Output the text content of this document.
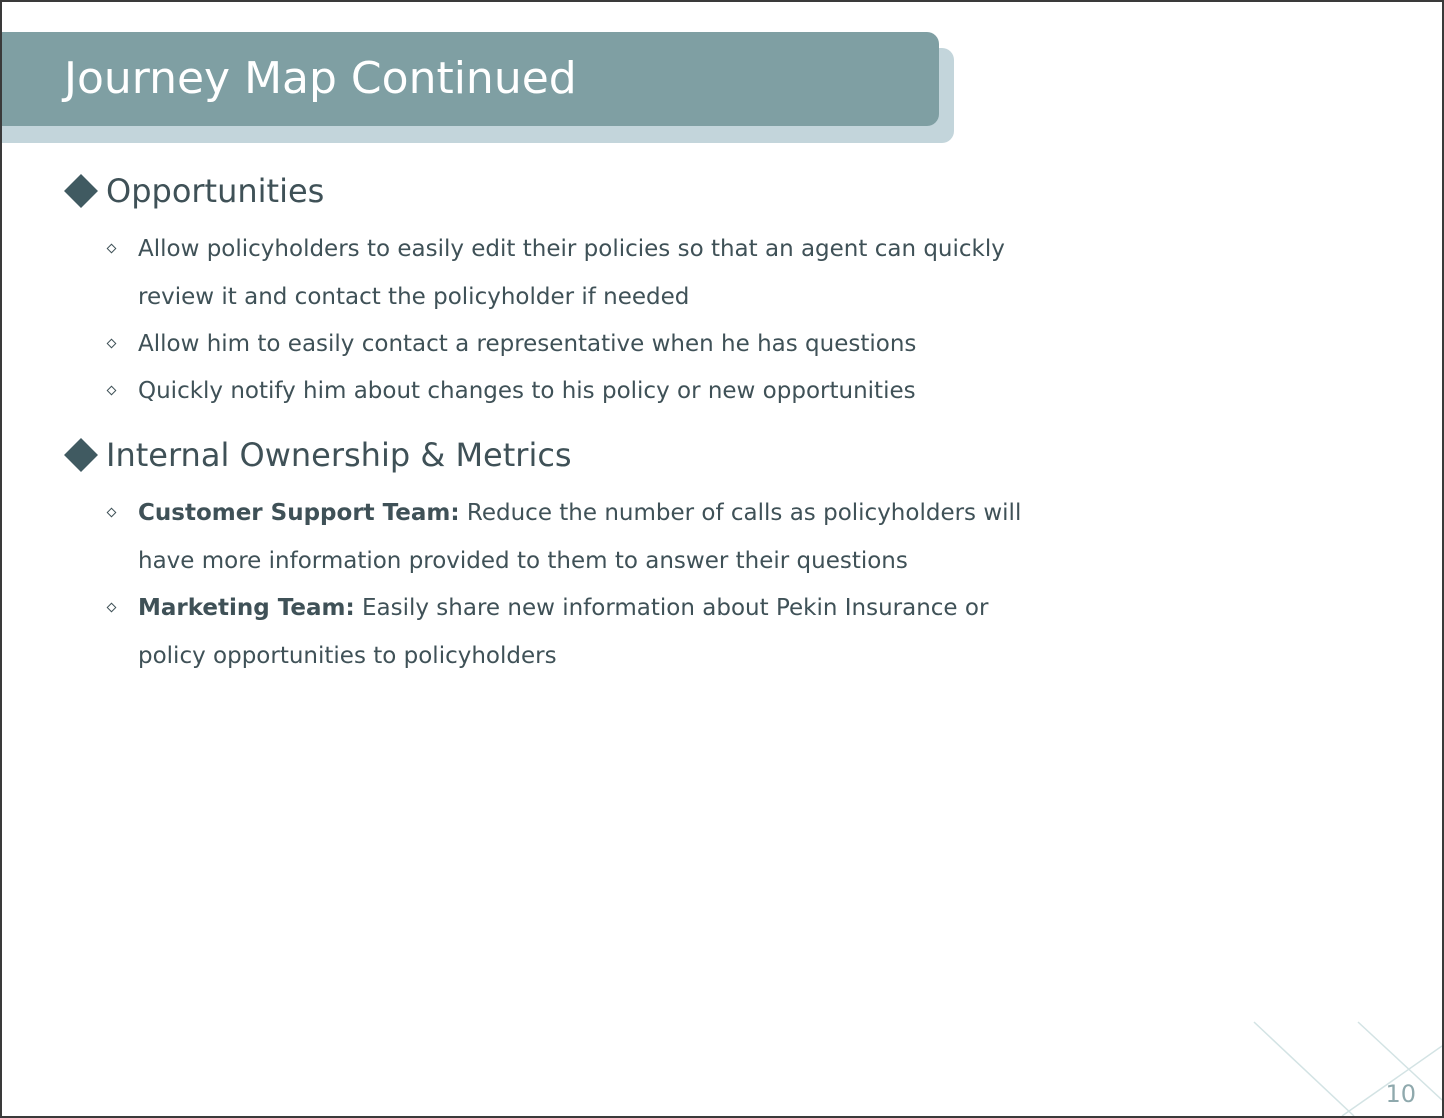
Journey Map Continued
Opportunities
Allow policyholders to easily edit their policies so that an agent can quickly review it and contact the policyholder if needed
Allow him to easily contact a representative when he has questions
Quickly notify him about changes to his policy or new opportunities
Internal Ownership & Metrics
Customer Support Team: Reduce the number of calls as policyholders will have more information provided to them to answer their questions
Marketing Team: Easily share new information about Pekin Insurance or policy opportunities to policyholders
10
